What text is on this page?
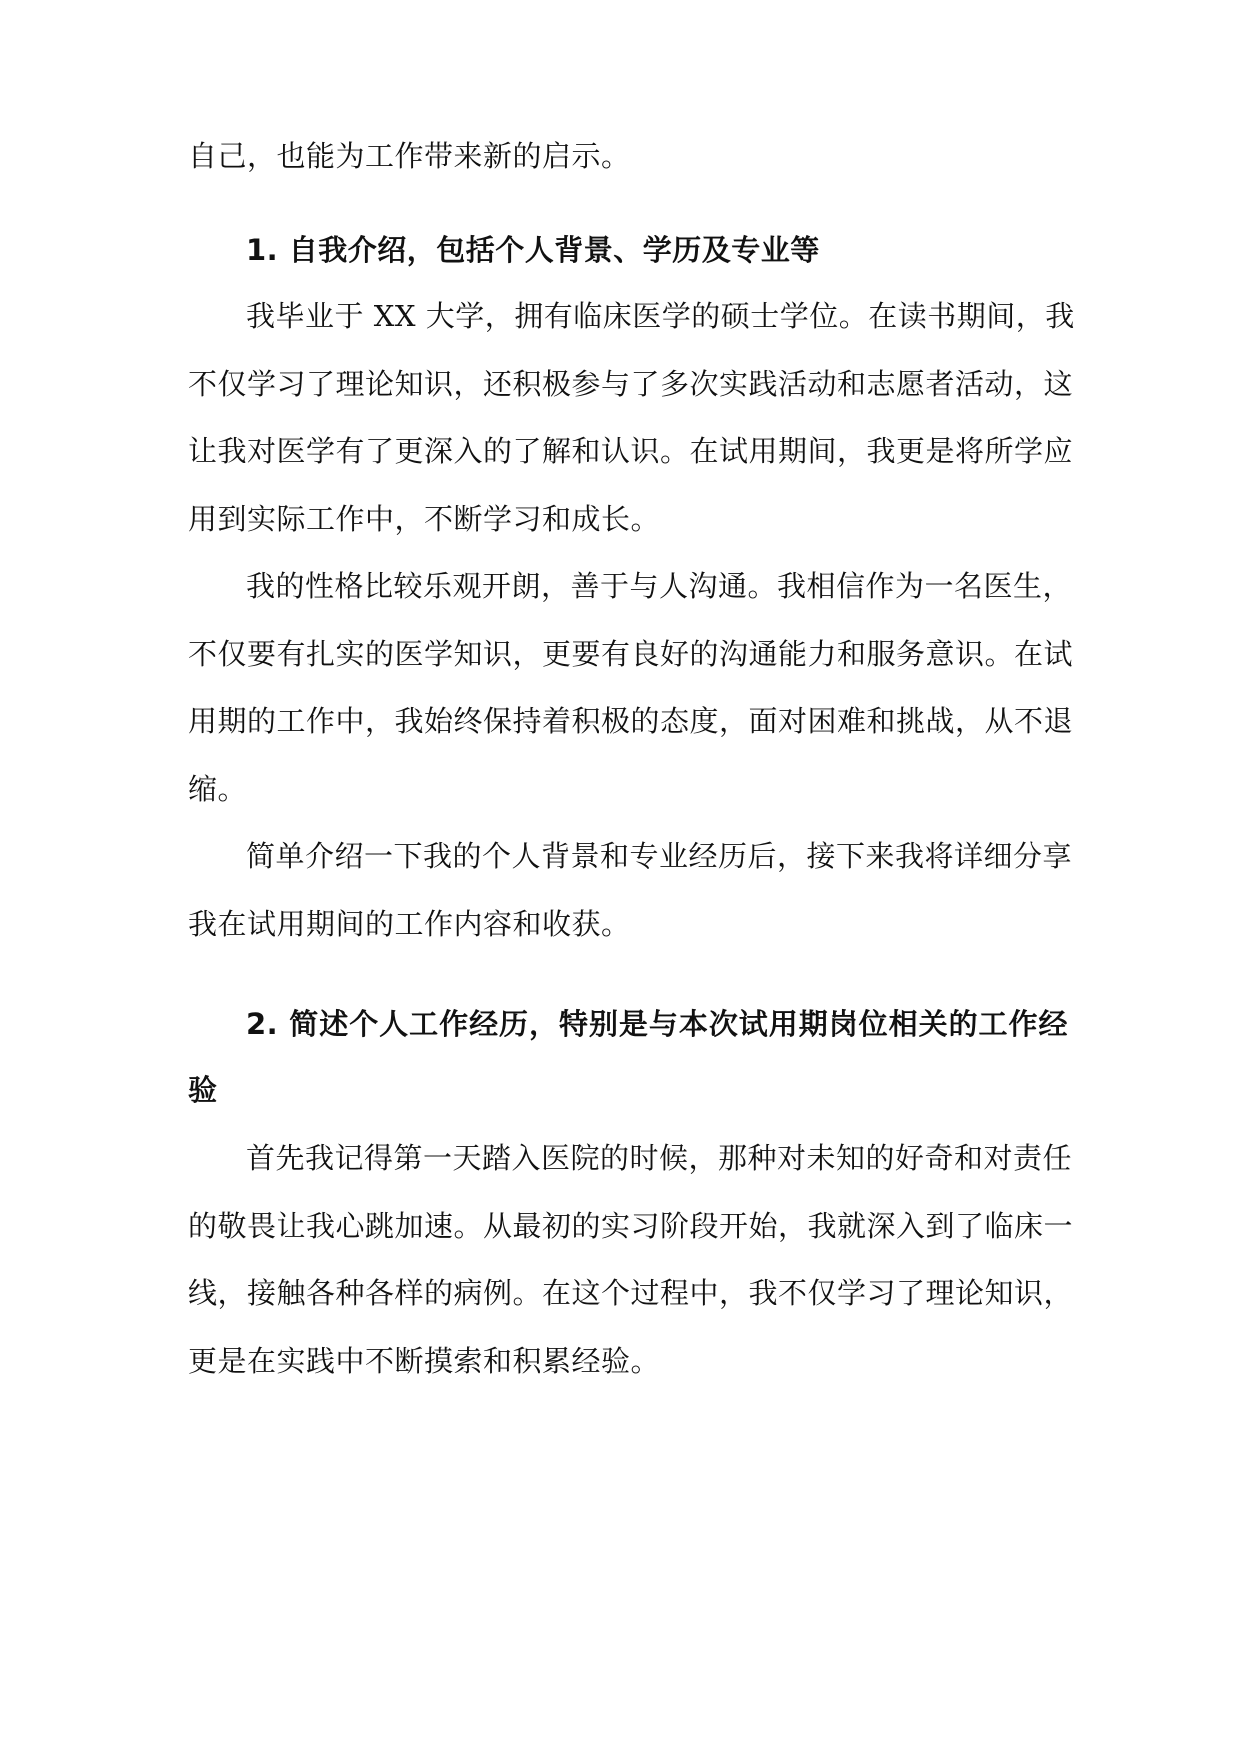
自己，也能为工作带来新的启示。
1. 自我介绍，包括个人背景、学历及专业等
我毕业于 XX 大学，拥有临床医学的硕士学位。在读书期间，我
不仅学习了理论知识，还积极参与了多次实践活动和志愿者活动，这
让我对医学有了更深入的了解和认识。在试用期间，我更是将所学应
用到实际工作中，不断学习和成长。
我的性格比较乐观开朗，善于与人沟通。我相信作为一名医生，
不仅要有扎实的医学知识，更要有良好的沟通能力和服务意识。在试
用期的工作中，我始终保持着积极的态度，面对困难和挑战，从不退
缩。
简单介绍一下我的个人背景和专业经历后，接下来我将详细分享
我在试用期间的工作内容和收获。
2. 简述个人工作经历，特别是与本次试用期岗位相关的工作经
验
首先我记得第一天踏入医院的时候，那种对未知的好奇和对责任
的敬畏让我心跳加速。从最初的实习阶段开始，我就深入到了临床一
线，接触各种各样的病例。在这个过程中，我不仅学习了理论知识，
更是在实践中不断摸索和积累经验。
